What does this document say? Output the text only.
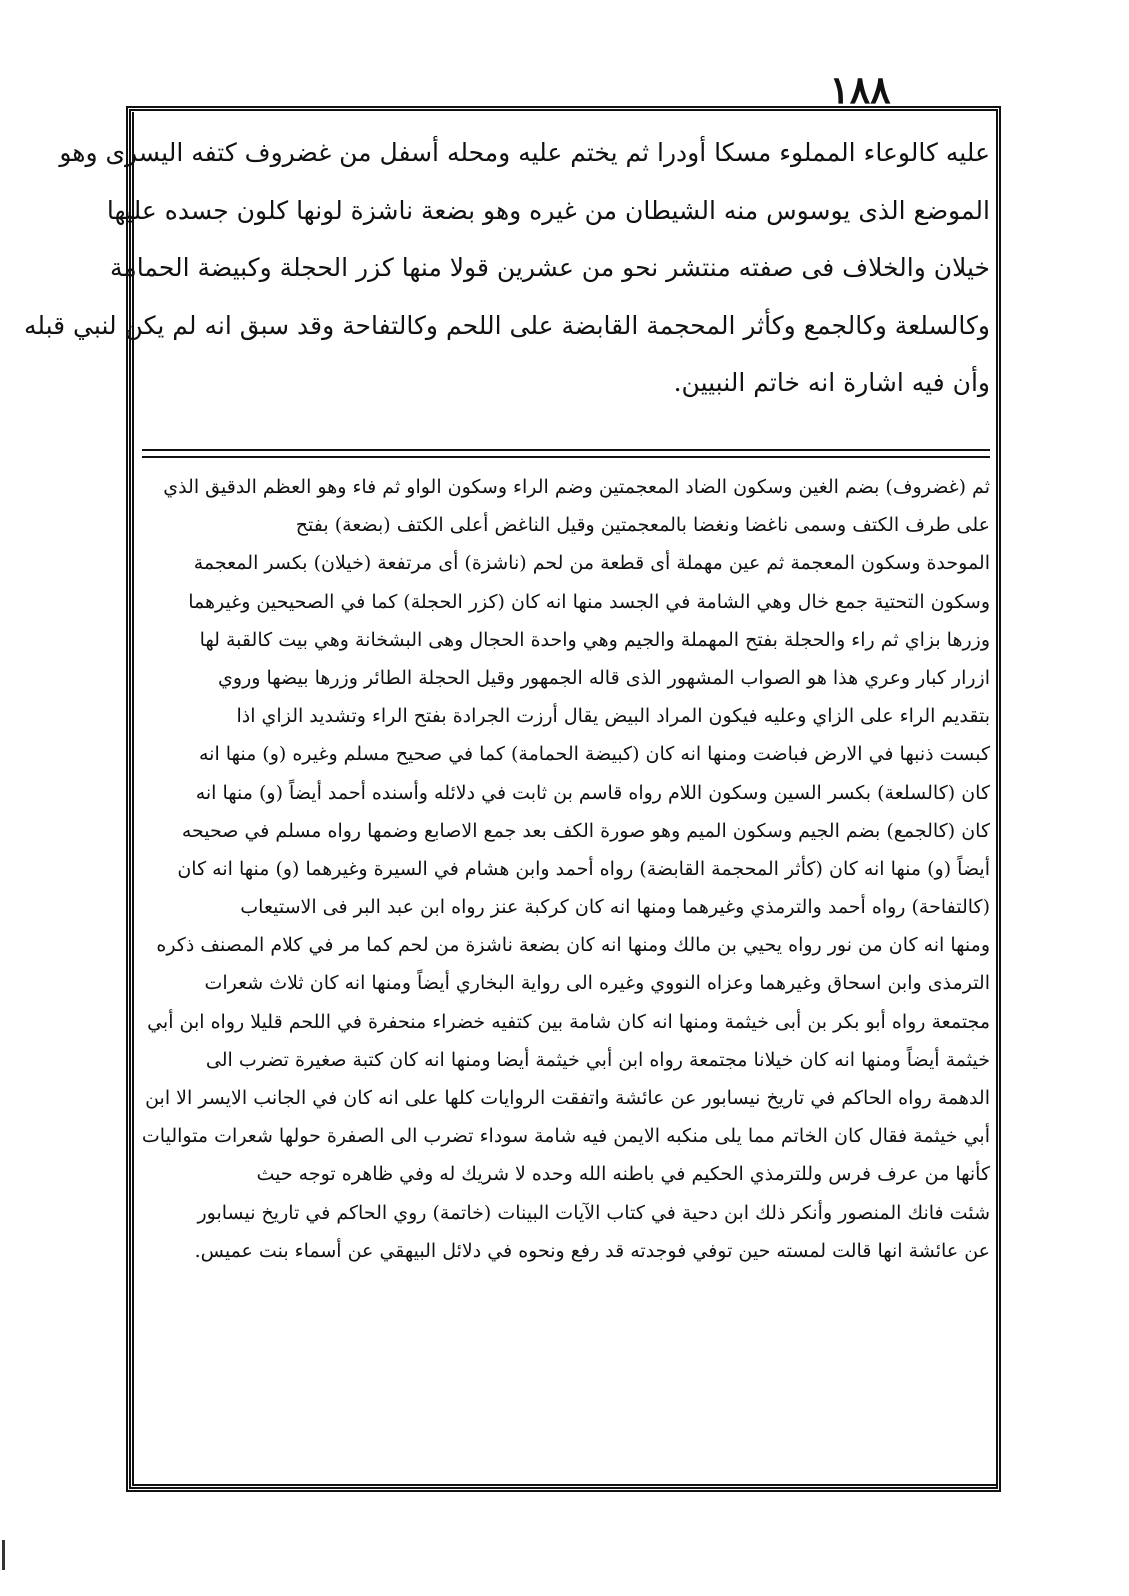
١٨٨
عليه كالوعاء المملوء مسكا أودرا ثم يختم عليه ومحله أسفل من غضروف كتفه اليسرى وهو
الموضع الذى يوسوس منه الشيطان من غيره وهو بضعة ناشزة لونها كلون جسده عليها
خيلان والخلاف فى صفته منتشر نحو من عشرين قولا منها كزر الحجلة وكبيضة الحمامة
وكالسلعة وكالجمع وكأثر المحجمة القابضة على اللحم وكالتفاحة وقد سبق انه لم يكن لنبي قبله
وأن فيه اشارة انه خاتم النبيين.
ثم (غضروف) بضم الغين وسكون الضاد المعجمتين وضم الراء وسكون الواو ثم فاء وهو العظم الدقيق الذي
على طرف الكتف وسمى ناغضا ونغضا بالمعجمتين وقيل الناغض أعلى الكتف (بضعة) بفتح
الموحدة وسكون المعجمة ثم عين مهملة أى قطعة من لحم (ناشزة) أى مرتفعة (خيلان) بكسر المعجمة
وسكون التحتية جمع خال وهي الشامة في الجسد منها انه كان (كزر الحجلة) كما في الصحيحين وغيرهما
وزرها بزاي ثم راء والحجلة بفتح المهملة والجيم وهي واحدة الحجال وهى البشخانة وهي بيت كالقبة لها
ازرار كبار وعري هذا هو الصواب المشهور الذى قاله الجمهور وقيل الحجلة الطائر وزرها بيضها وروي
بتقديم الراء على الزاي وعليه فيكون المراد البيض يقال أرزت الجرادة بفتح الراء وتشديد الزاي اذا
كبست ذنبها في الارض فباضت ومنها انه كان (كبيضة الحمامة) كما في صحيح مسلم وغيره (و) منها انه
كان (كالسلعة) بكسر السين وسكون اللام رواه قاسم بن ثابت في دلائله وأسنده أحمد أيضاً (و) منها انه
كان (كالجمع) بضم الجيم وسكون الميم وهو صورة الكف بعد جمع الاصابع وضمها رواه مسلم في صحيحه
أيضاً (و) منها انه كان (كأثر المحجمة القابضة) رواه أحمد وابن هشام في السيرة وغيرهما (و) منها انه كان
(كالتفاحة) رواه أحمد والترمذي وغيرهما ومنها انه كان كركبة عنز رواه ابن عبد البر فى الاستيعاب
ومنها انه كان من نور رواه يحيي بن مالك ومنها انه كان بضعة ناشزة من لحم كما مر في كلام المصنف ذكره
الترمذى وابن اسحاق وغيرهما وعزاه النووي وغيره الى رواية البخاري أيضاً ومنها انه كان ثلاث شعرات
مجتمعة رواه أبو بكر بن أبى خيثمة ومنها انه كان شامة بين كتفيه خضراء منحفرة في اللحم قليلا رواه ابن أبي
خيثمة أيضاً ومنها انه كان خيلانا مجتمعة رواه ابن أبي خيثمة أيضا ومنها انه كان كتبة صغيرة تضرب الى
الدهمة رواه الحاكم في تاريخ نيسابور عن عائشة واتفقت الروايات كلها على انه كان في الجانب الايسر الا ابن
أبي خيثمة فقال كان الخاتم مما يلى منكبه الايمن فيه شامة سوداء تضرب الى الصفرة حولها شعرات متواليات
كأنها من عرف فرس وللترمذي الحكيم في باطنه الله وحده لا شريك له وفي ظاهره توجه حيث
شئت فانك المنصور وأنكر ذلك ابن دحية في كتاب الآيات البينات (خاتمة) روي الحاكم في تاريخ نيسابور
عن عائشة انها قالت لمسته حين توفي فوجدته قد رفع ونحوه في دلائل البيهقي عن أسماء بنت عميس.
